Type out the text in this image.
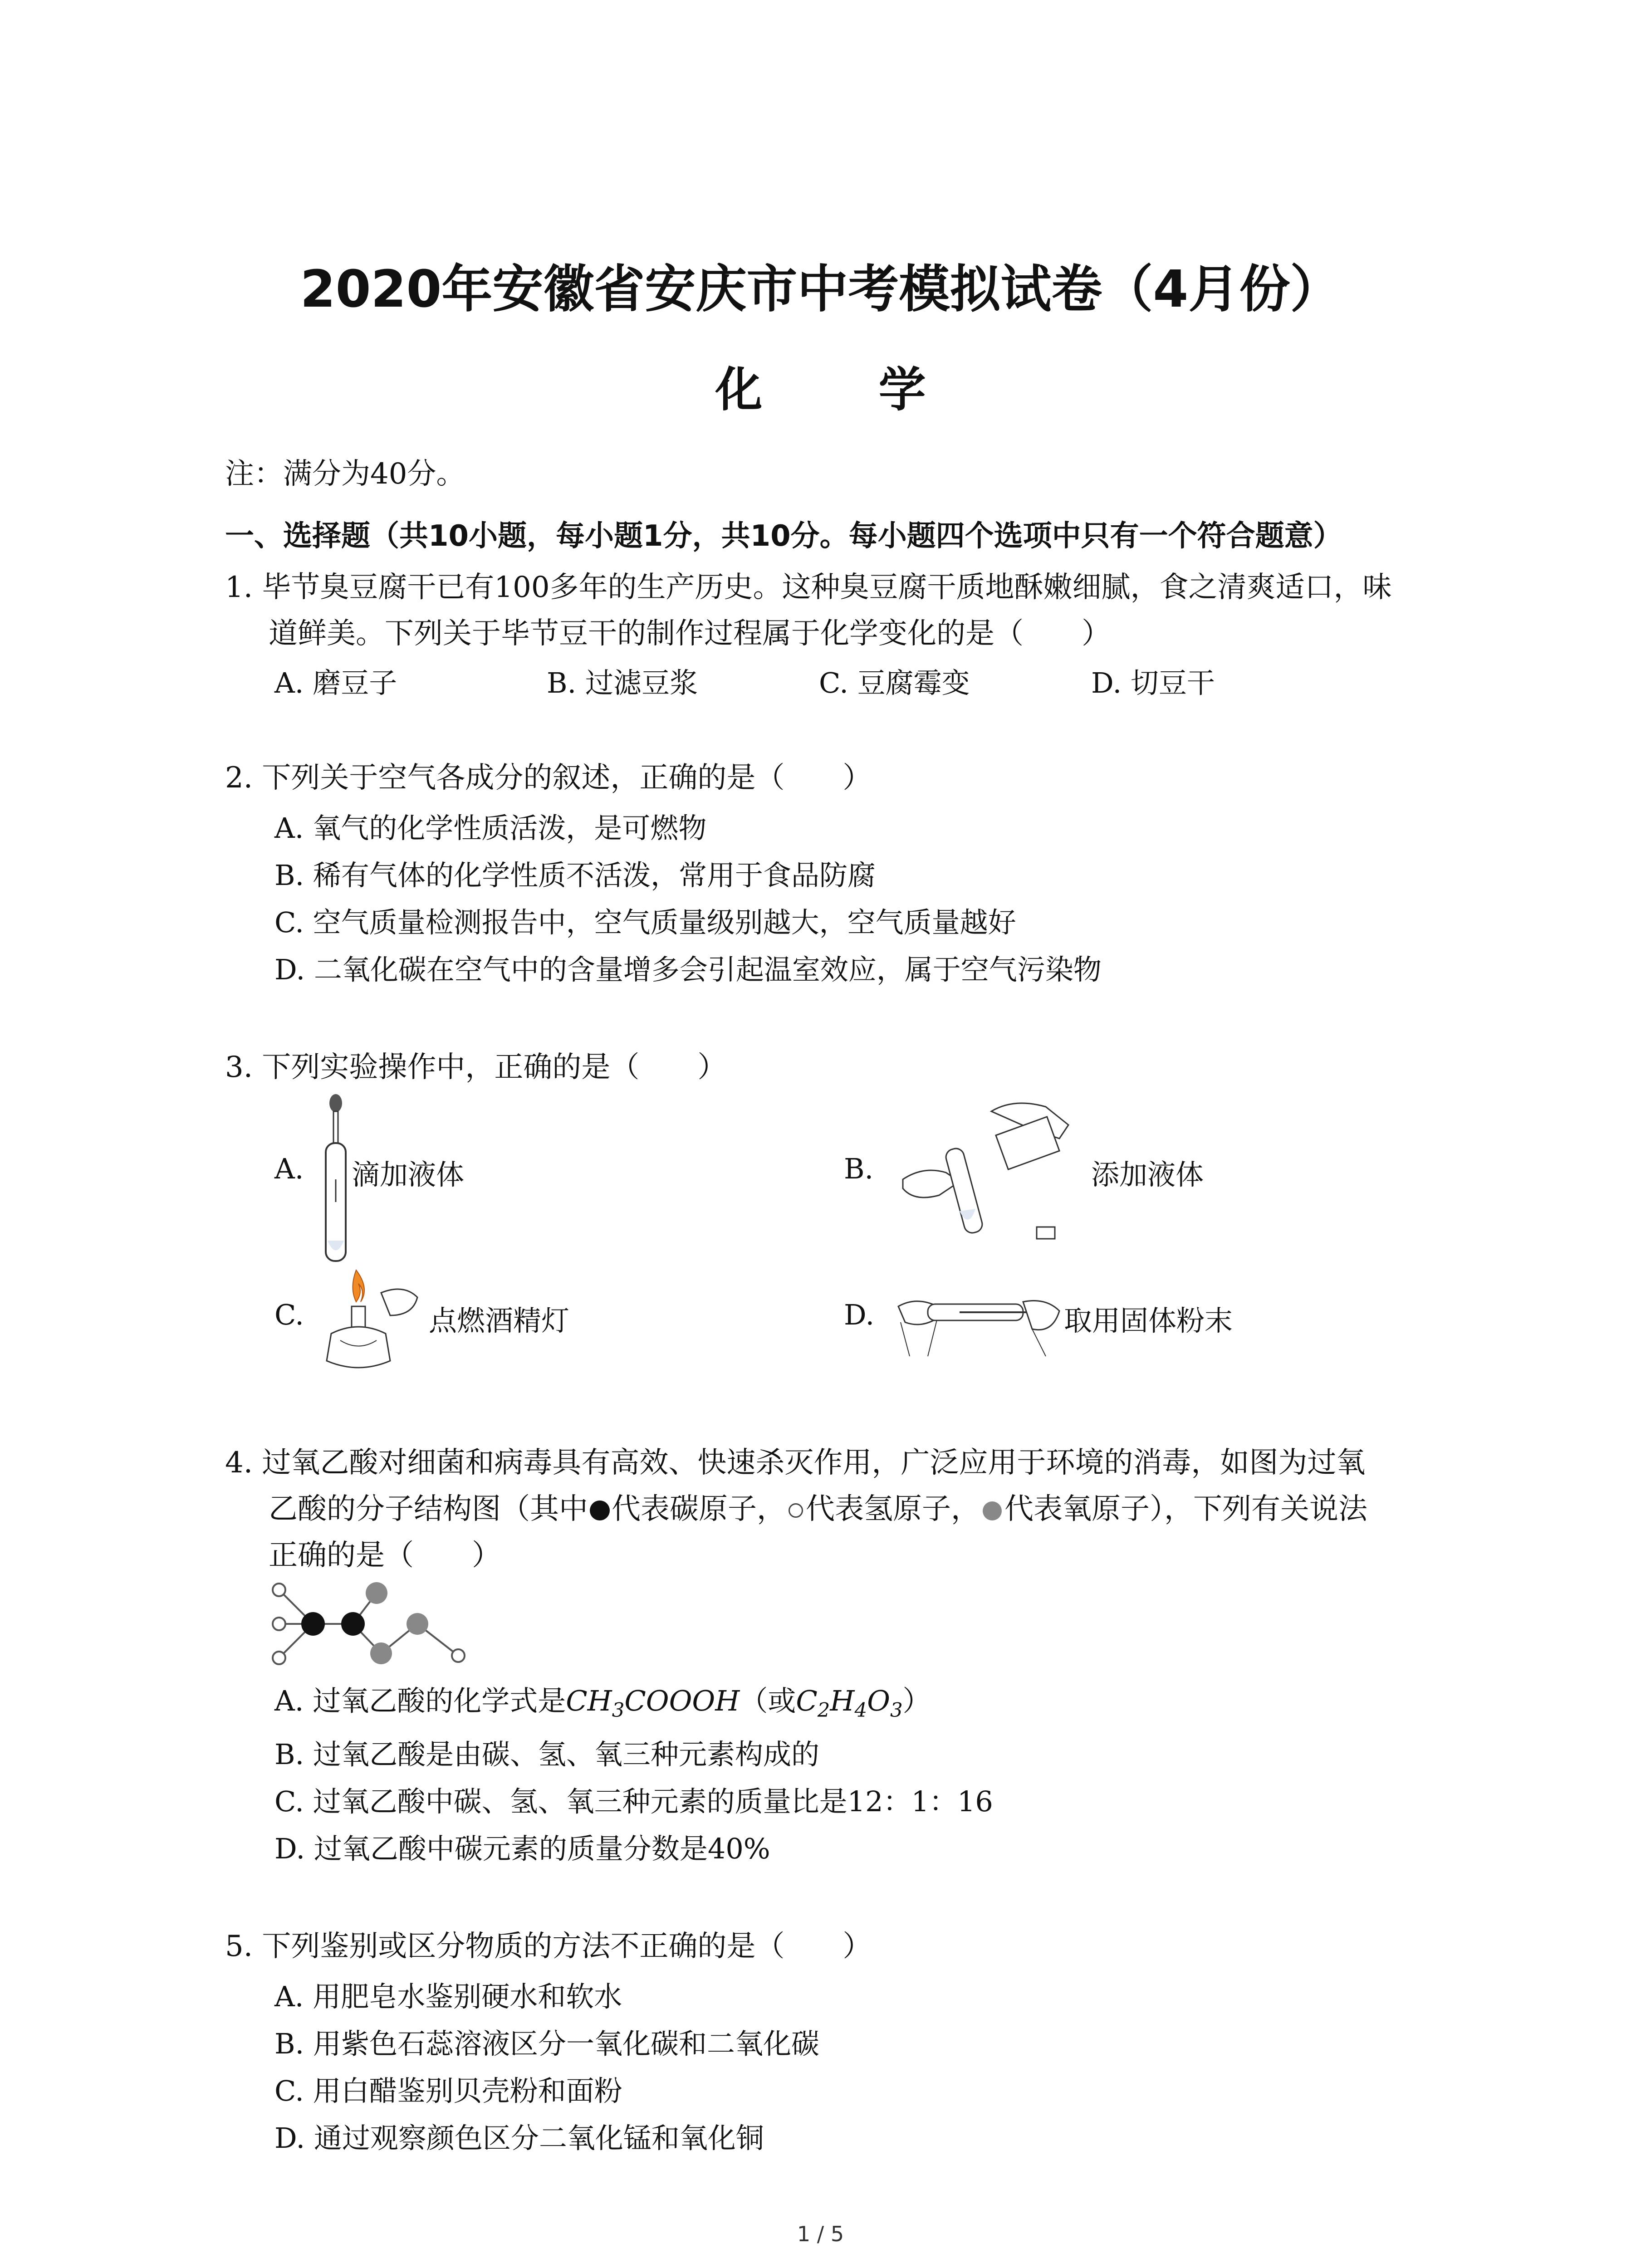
2020年安徽省安庆市中考模拟试卷（4月份）
化 学
注：满分为40分。
一、选择题（共10小题，每小题1分，共10分。每小题四个选项中只有一个符合题意）
1. 毕节臭豆腐干已有100多年的生产历史。这种臭豆腐干质地酥嫩细腻，食之清爽适口，味
道鲜美。下列关于毕节豆干的制作过程属于化学变化的是（　　）
A. 磨豆子	B. 过滤豆浆	C. 豆腐霉变	D. 切豆干
2. 下列关于空气各成分的叙述，正确的是（　　）
A. 氧气的化学性质活泼，是可燃物
B. 稀有气体的化学性质不活泼，常用于食品防腐
C. 空气质量检测报告中，空气质量级别越大，空气质量越好
D. 二氧化碳在空气中的含量增多会引起温室效应，属于空气污染物
3. 下列实验操作中，正确的是（　　）
A. 滴加液体	B.	添加液体
C.	点燃酒精灯	D.	取用固体粉末
4. 过氧乙酸对细菌和病毒具有高效、快速杀灭作用，广泛应用于环境的消毒，如图为过氧
乙酸的分子结构图（其中 代表碳原子， 代表氢原子， 代表氧原子），下列有关说法
正确的是（　　）
A. 过氧乙酸的化学式是$CH_3COOOH$（或$C_2H_4O_3$）
B. 过氧乙酸是由碳、氢、氧三种元素构成的
C. 过氧乙酸中碳、氢、氧三种元素的质量比是12：1：16
D. 过氧乙酸中碳元素的质量分数是40%
5. 下列鉴别或区分物质的方法不正确的是（　　）
A. 用肥皂水鉴别硬水和软水
B. 用紫色石蕊溶液区分一氧化碳和二氧化碳
C. 用白醋鉴别贝壳粉和面粉
D. 通过观察颜色区分二氧化锰和氧化铜
1 / 5
